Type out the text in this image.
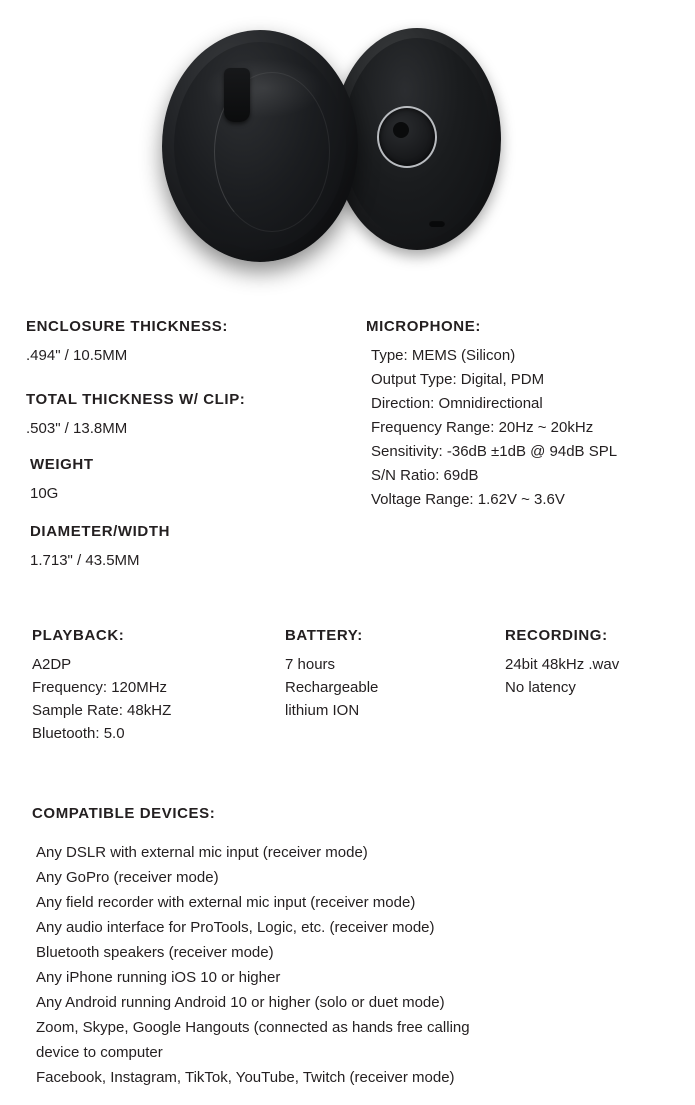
ENCLOSURE THICKNESS:
.494" / 10.5MM
TOTAL THICKNESS W/ CLIP:
.503" / 13.8MM
WEIGHT
10G
DIAMETER/WIDTH
1.713" / 43.5MM
MICROPHONE:
Type: MEMS (Silicon)
Output Type: Digital, PDM
Direction: Omnidirectional
Frequency Range: 20Hz ~ 20kHz
Sensitivity: -36dB ±1dB @ 94dB SPL
S/N Ratio: 69dB
Voltage Range: 1.62V ~ 3.6V
PLAYBACK:
A2DP
Frequency: 120MHz
Sample Rate: 48kHZ
Bluetooth: 5.0
BATTERY:
7 hours
Rechargeable
lithium ION
RECORDING:
24bit 48kHz .wav
No latency
COMPATIBLE DEVICES:
Any DSLR with external mic input (receiver mode)
Any GoPro (receiver mode)
Any field recorder with external mic input (receiver mode)
Any audio interface for ProTools, Logic, etc. (receiver mode)
Bluetooth speakers (receiver mode)
Any iPhone running iOS 10 or higher
Any Android running Android 10 or higher (solo or duet mode)
Zoom, Skype, Google Hangouts (connected as hands free calling
device to computer
Facebook, Instagram, TikTok, YouTube, Twitch (receiver mode)
